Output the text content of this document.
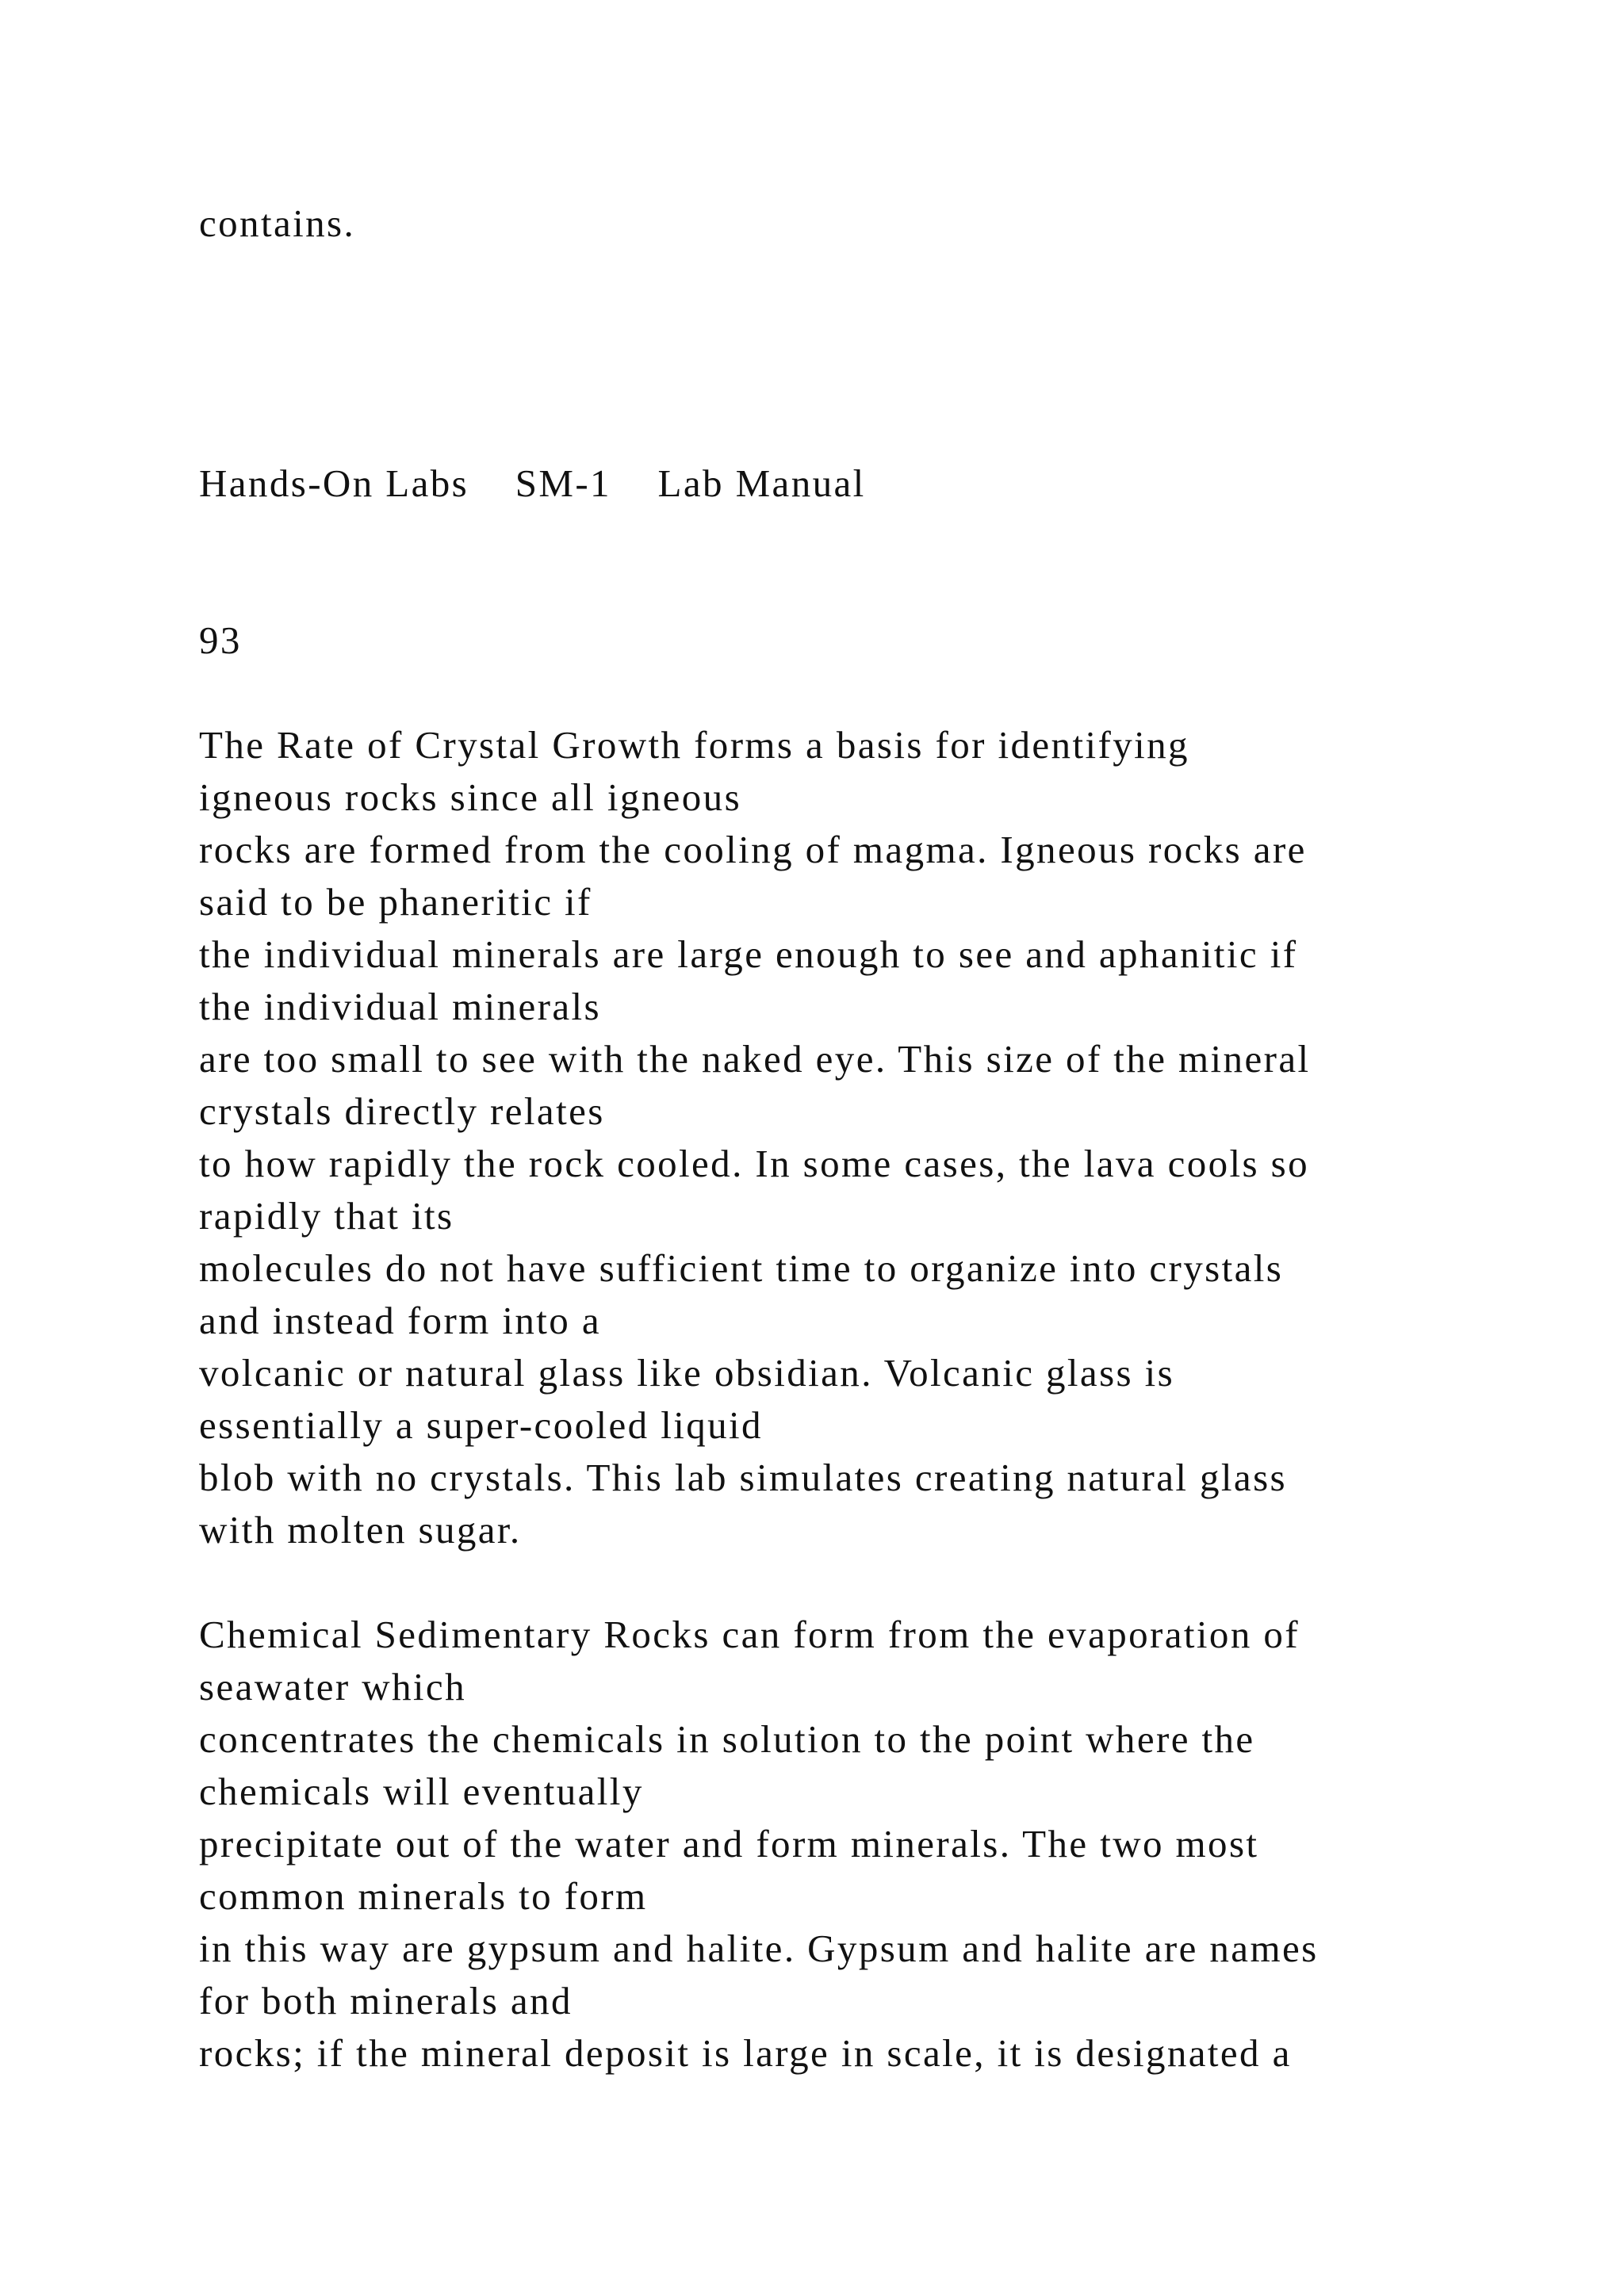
contains.
Hands-On Labs    SM-1    Lab Manual
93
The Rate of Crystal Growth forms a basis for identifying
igneous rocks since all igneous
rocks are formed from the cooling of magma. Igneous rocks are
said to be phaneritic if
the individual minerals are large enough to see and aphanitic if
the individual minerals
are too small to see with the naked eye. This size of the mineral
crystals directly relates
to how rapidly the rock cooled. In some cases, the lava cools so
rapidly that its
molecules do not have sufficient time to organize into crystals
and instead form into a
volcanic or natural glass like obsidian. Volcanic glass is
essentially a super-cooled liquid
blob with no crystals. This lab simulates creating natural glass
with molten sugar.
Chemical Sedimentary Rocks can form from the evaporation of
seawater which
concentrates the chemicals in solution to the point where the
chemicals will eventually
precipitate out of the water and form minerals. The two most
common minerals to form
in this way are gypsum and halite. Gypsum and halite are names
for both minerals and
rocks; if the mineral deposit is large in scale, it is designated a
